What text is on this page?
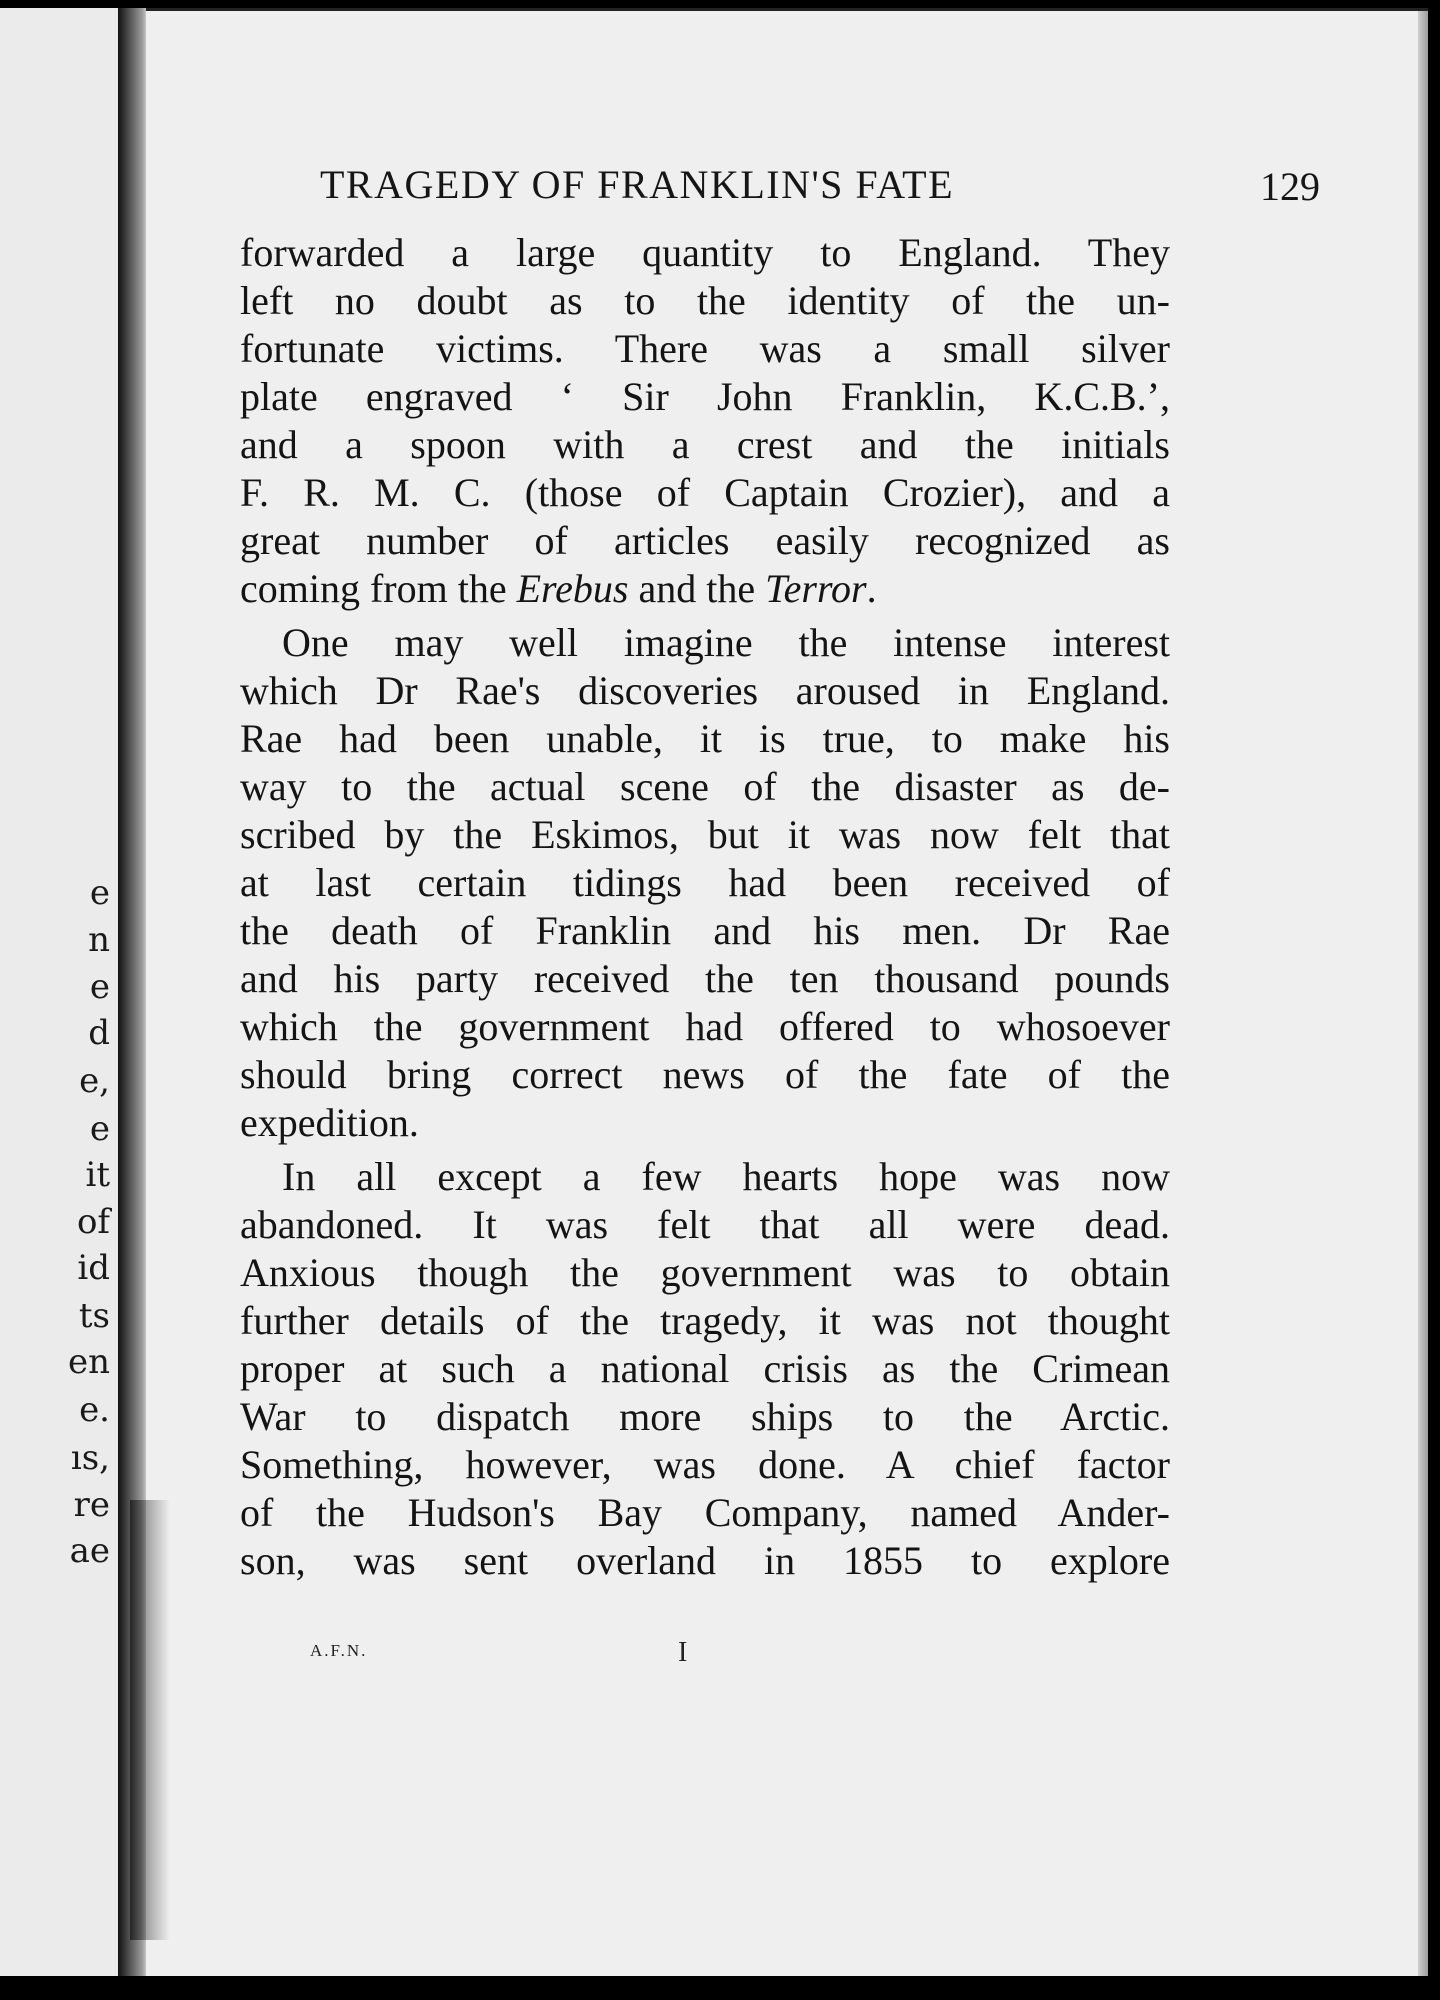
e
n
e
d
e,
e
it
of
id
ts
en
e.
ıs,
re
ae
TRAGEDY OF FRANKLIN'S FATE	129
forwarded a large quantity to England. They
left no doubt as to the identity of the un-
fortunate victims. There was a small silver
plate engraved ‘ Sir John Franklin, K.C.B.’,
and a spoon with a crest and the initials
F. R. M. C. (those of Captain Crozier), and a
great number of articles easily recognized as
coming from the Erebus and the Terror.
One may well imagine the intense interest
which Dr Rae's discoveries aroused in England.
Rae had been unable, it is true, to make his
way to the actual scene of the disaster as de-
scribed by the Eskimos, but it was now felt that
at last certain tidings had been received of
the death of Franklin and his men. Dr Rae
and his party received the ten thousand pounds
which the government had offered to whosoever
should bring correct news of the fate of the
expedition.
In all except a few hearts hope was now
abandoned. It was felt that all were dead.
Anxious though the government was to obtain
further details of the tragedy, it was not thought
proper at such a national crisis as the Crimean
War to dispatch more ships to the Arctic.
Something, however, was done. A chief factor
of the Hudson's Bay Company, named Ander-
son, was sent overland in 1855 to explore
A.F.N.	I
